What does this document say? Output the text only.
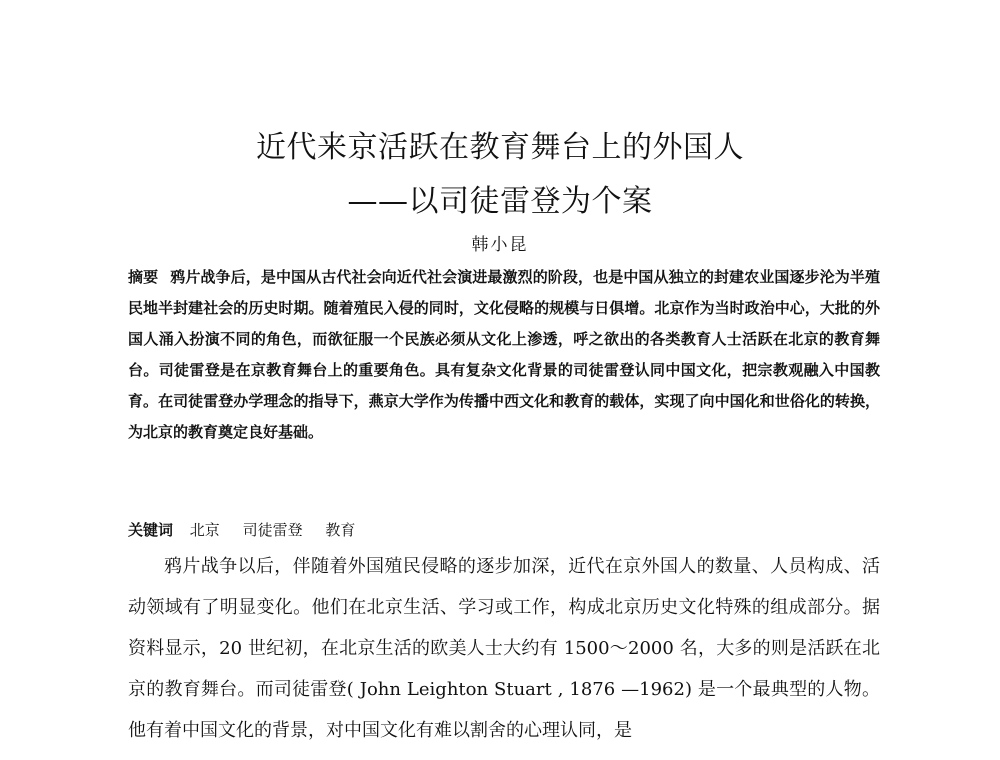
近代来京活跃在教育舞台上的外国人
——以司徒雷登为个案
韩小昆
摘要 鸦片战争后，是中国从古代社会向近代社会演进最激烈的阶段，也是中国从独立的封建农业国逐步沦为半殖民地半封建社会的历史时期。随着殖民入侵的同时，文化侵略的规模与日俱增。北京作为当时政治中心，大批的外国人涌入扮演不同的角色，而欲征服一个民族必须从文化上渗透，呼之欲出的各类教育人士活跃在北京的教育舞台。司徒雷登是在京教育舞台上的重要角色。具有复杂文化背景的司徒雷登认同中国文化，把宗教观融入中国教育。在司徒雷登办学理念的指导下，燕京大学作为传播中西文化和教育的载体，实现了向中国化和世俗化的转换，为北京的教育奠定良好基础。
关键词 北京 司徒雷登 教育

鸦片战争以后，伴随着外国殖民侵略的逐步加深，近代在京外国人的数量、人员构成、活动领域有了明显变化。他们在北京生活、学习或工作，构成北京历史文化特殊的组成部分。据资料显示，20 世纪初，在北京生活的欧美人士大约有 1500～2000 名，大多的则是活跃在北京的教育舞台。而司徒雷登( John Leighton Stuart , 1876 —1962) 是一个最典型的人物。他有着中国文化的背景，对中国文化有难以割舍的心理认同，是
